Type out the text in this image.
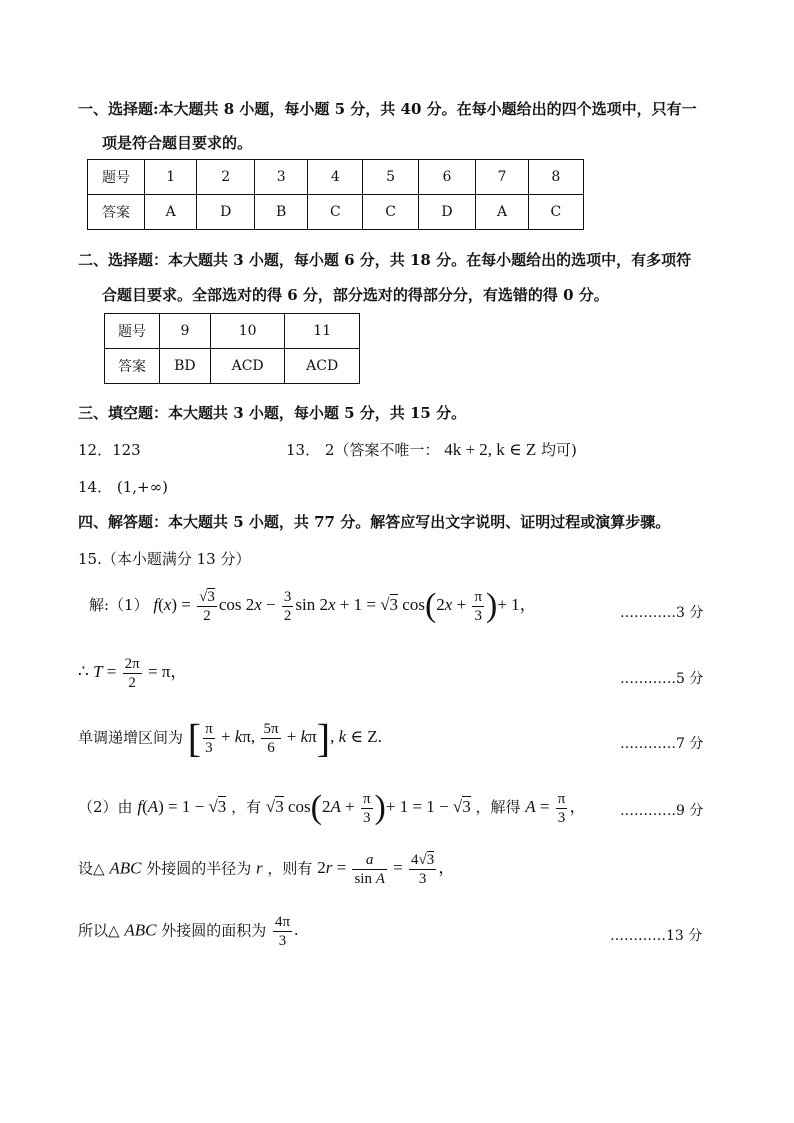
一、选择题:本大题共 8 小题，每小题 5 分，共 40 分。在每小题给出的四个选项中，只有一
项是符合题目要求的。
题号	1	2	3	4	5	6	7	8
答案	A	D	B	C	C	D	A	C
二、选择题：本大题共 3 小题，每小题 6 分，共 18 分。在每小题给出的选项中，有多项符
合题目要求。全部选对的得 6 分，部分选对的得部分分，有选错的得 0 分。
题号	9	10	11
答案	BD	ACD	ACD
三、填空题：本大题共 3 小题，每小题 5 分，共 15 分。
12．123	13． 2（答案不唯一： 4k + 2, k ∈ Z 均可)
14． (1,+∞)
四、解答题：本大题共 5 小题，共 77 分。解答应写出文字说明、证明过程或演算步骤。
15.（本小题满分 13 分）
解:（1） $f(x) = \frac{√3}{2}$ $\cos 2x - \frac{3}{2}$ sin 2x + 1 = √3 $\cos(2x + \frac{\pi}{3}$ )+ 1，	…………3 分
∴ $T = \frac{2\pi}{2} = \pi$，	…………5 分
单调递增区间为 [ $\frac{\pi}{3} + k\pi$, $\frac{5\pi}{6} + k\pi$], k ∈ Z.	…………7 分
（2）由 f(A) = 1 − √3 ，有 √3 $\cos(2A + \frac{\pi}{3}$ )+ 1 = 1 − √3 ，解得 $A = \frac{\pi}{3}$ ， …………9 分
设△ ABC 外接圆的半径为 r ，则有 $2r = \frac{a}{\text{sin A}} = \frac{4√3}{3}$ ，
所以△ ABC 外接圆的面积为 $\frac{4\pi}{3}$ .	…………13 分
